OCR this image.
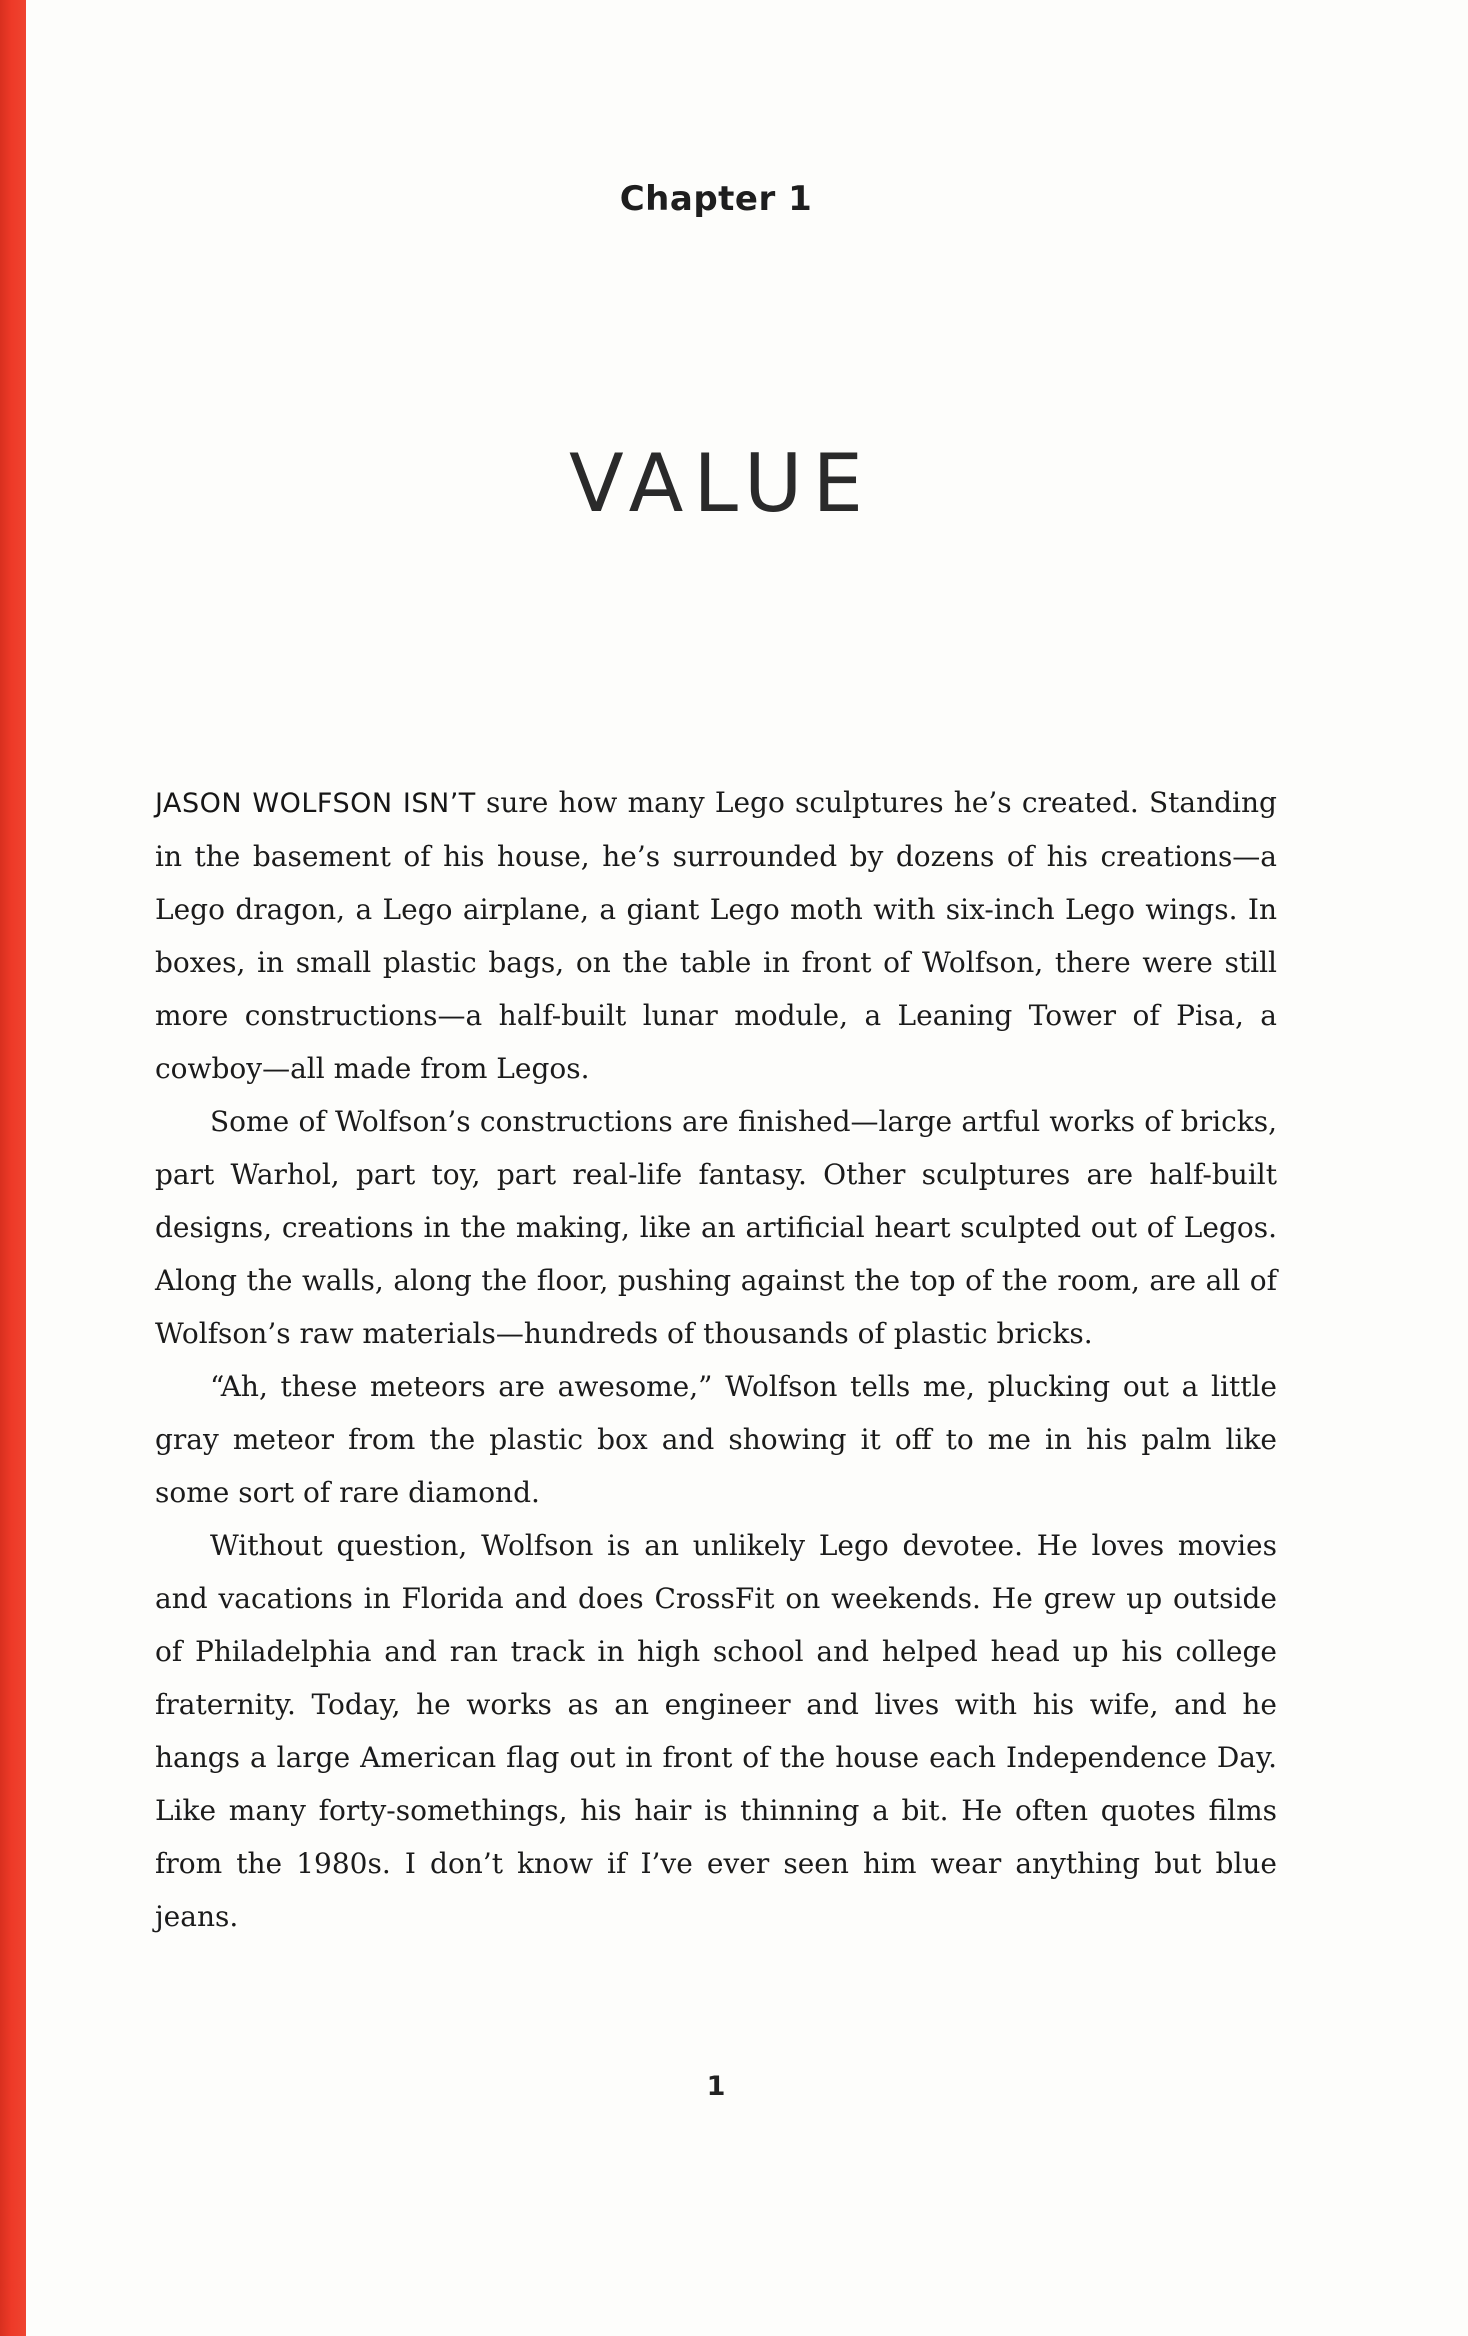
Chapter 1
VALUE

JASON WOLFSON ISN’T sure how many Lego sculptures he’s created. Standing in the basement of his house, he’s surrounded by dozens of his creations—a Lego dragon, a Lego airplane, a giant Lego moth with six-inch Lego wings. In boxes, in small plastic bags, on the table in front of Wolfson, there were still more constructions—a half-built lunar module, a Leaning Tower of Pisa, a cowboy—all made from Legos.

Some of Wolfson’s constructions are finished—large artful works of bricks, part Warhol, part toy, part real-life fantasy. Other sculptures are half-built designs, creations in the making, like an artificial heart sculpted out of Legos. Along the walls, along the floor, pushing against the top of the room, are all of Wolfson’s raw materials—hundreds of thousands of plastic bricks.

“Ah, these meteors are awesome,” Wolfson tells me, plucking out a little gray meteor from the plastic box and showing it off to me in his palm like some sort of rare diamond.

Without question, Wolfson is an unlikely Lego devotee. He loves movies and vacations in Florida and does CrossFit on weekends. He grew up outside of Philadelphia and ran track in high school and helped head up his college fraternity. Today, he works as an engineer and lives with his wife, and he hangs a large American flag out in front of the house each Independence Day. Like many forty-somethings, his hair is thinning a bit. He often quotes films from the 1980s. I don’t know if I’ve ever seen him wear anything but blue jeans.

1
